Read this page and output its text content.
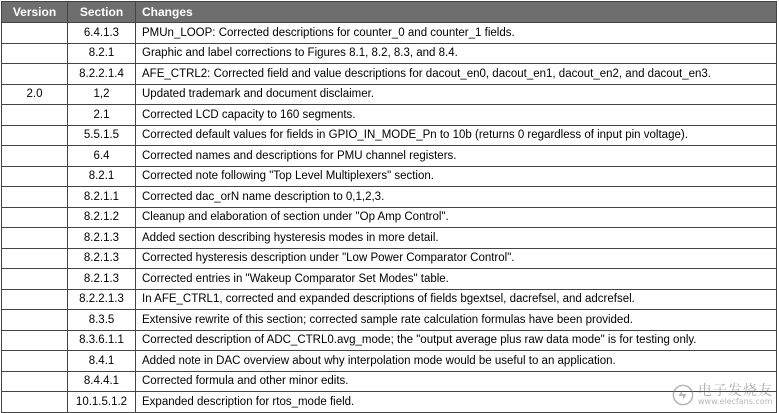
Version	Section	Changes
	6.4.1.3	PMUn_LOOP: Corrected descriptions for counter_0 and counter_1 fields.
	8.2.1	Graphic and label corrections to Figures 8.1, 8.2, 8.3, and 8.4.
	8.2.2.1.4	AFE_CTRL2: Corrected field and value descriptions for dacout_en0, dacout_en1, dacout_en2, and dacout_en3.
2.0	1,2	Updated trademark and document disclaimer.
	2.1	Corrected LCD capacity to 160 segments.
	5.5.1.5	Corrected default values for fields in GPIO_IN_MODE_Pn to 10b (returns 0 regardless of input pin voltage).
	6.4	Corrected names and descriptions for PMU channel registers.
	8.2.1	Corrected note following "Top Level Multiplexers" section.
	8.2.1.1	Corrected dac_orN name description to 0,1,2,3.
	8.2.1.2	Cleanup and elaboration of section under "Op Amp Control".
	8.2.1.3	Added section describing hysteresis modes in more detail.
	8.2.1.3	Corrected hysteresis description under "Low Power Comparator Control".
	8.2.1.3	Corrected entries in "Wakeup Comparator Set Modes" table.
	8.2.2.1.3	In AFE_CTRL1, corrected and expanded descriptions of fields bgextsel, dacrefsel, and adcrefsel.
	8.3.5	Extensive rewrite of this section; corrected sample rate calculation formulas have been provided.
	8.3.6.1.1	Corrected description of ADC_CTRL0.avg_mode; the "output average plus raw data mode" is for testing only.
	8.4.1	Added note in DAC overview about why interpolation mode would be useful to an application.
	8.4.4.1	Corrected formula and other minor edits.
	10.1.5.1.2	Expanded description for rtos_mode field.
电子发烧友
www.elecfans.com
